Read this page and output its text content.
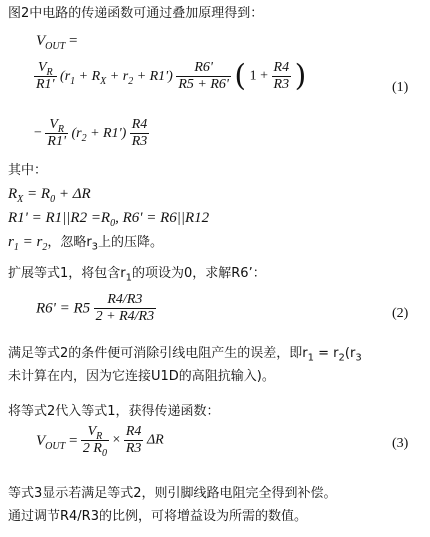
图2中电路的传递函数可通过叠加原理得到：
$V_{OUT}$ =
$\frac{V_R}{R1'} (r_1 + R_X + r_2 + R1') \frac{R6'}{R5 + R6'}$ ( $1 + \frac{R4}{R3}$ )	(1)
− $\frac{V_R}{R1'} (r_2 + R1') \frac{R4}{R3}$
其中：
$R_X = R_0 + \Delta R$
$R1' = R1||R2 =R_0$, R6' = R6||R12
$r_1 = r_2$，忽略$r_3$上的压降。
扩展等式1，将包含$r_1$的项设为0，求解R6’：
$R6' = R5 \frac{R4/R3}{2 + R4/R3}$	(2)
满足等式2的条件便可消除引线电阻产生的误差，即$r_1 = r_2(r_3$
未计算在内，因为它连接U1D的高阻抗输入)。
将等式2代入等式1，获得传递函数：
$V_{OUT} = \frac{V_R}{2 R_0} \times \frac{R4}{R3}$ ΔR	(3)
等式3显示若满足等式2，则引脚线路电阻完全得到补偿。
通过调节R4/R3的比例，可将增益设为所需的数值。
